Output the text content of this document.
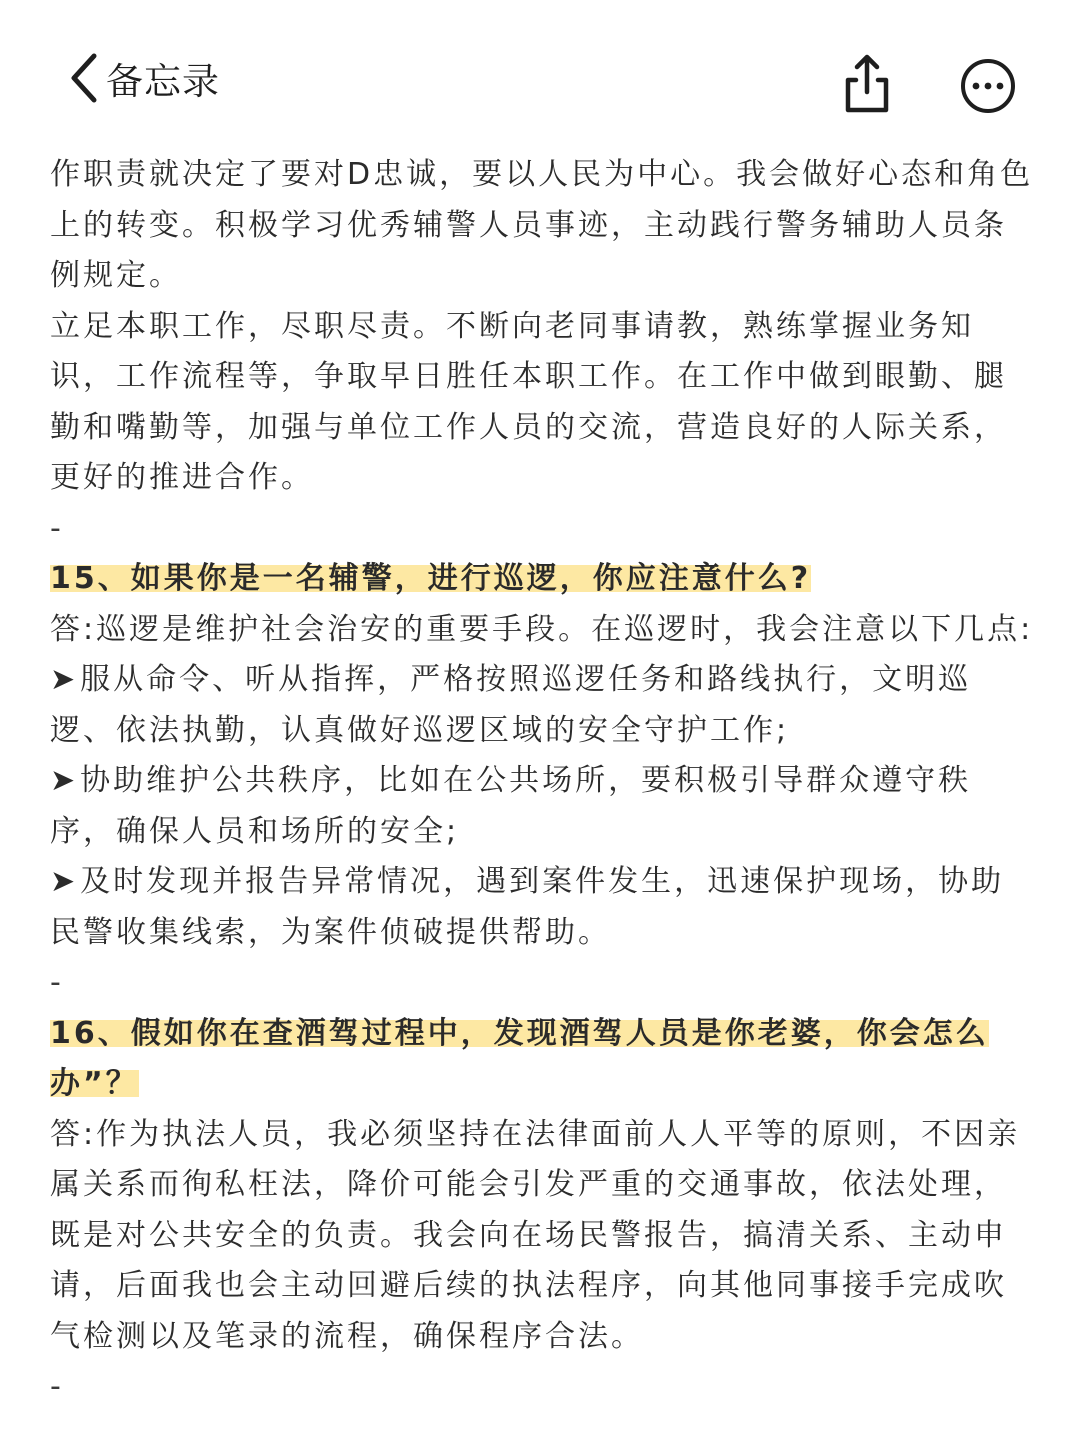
备忘录

作职责就决定了要对D忠诚，要以人民为中心。我会做好心态和角色上的转变。积极学习优秀辅警人员事迹，主动践行警务辅助人员条例规定。

立足本职工作，尽职尽责。不断向老同事请教，熟练掌握业务知识，工作流程等，争取早日胜任本职工作。在工作中做到眼勤、腿勤和嘴勤等，加强与单位工作人员的交流，营造良好的人际关系，更好的推进合作。

-

15、如果你是一名辅警，进行巡逻，你应注意什么?

答:巡逻是维护社会治安的重要手段。在巡逻时，我会注意以下几点:

➤服从命令、听从指挥，严格按照巡逻任务和路线执行，文明巡逻、依法执勤，认真做好巡逻区域的安全守护工作;

➤协助维护公共秩序，比如在公共场所，要积极引导群众遵守秩序，确保人员和场所的安全;

➤及时发现并报告异常情况，遇到案件发生，迅速保护现场，协助民警收集线索，为案件侦破提供帮助。

-

16、假如你在查酒驾过程中，发现酒驾人员是你老婆，你会怎么办”？

答:作为执法人员，我必须坚持在法律面前人人平等的原则，不因亲属关系而徇私枉法，降价可能会引发严重的交通事故，依法处理，既是对公共安全的负责。我会向在场民警报告，搞清关系、主动申请，后面我也会主动回避后续的执法程序，向其他同事接手完成吹气检测以及笔录的流程，确保程序合法。

-
